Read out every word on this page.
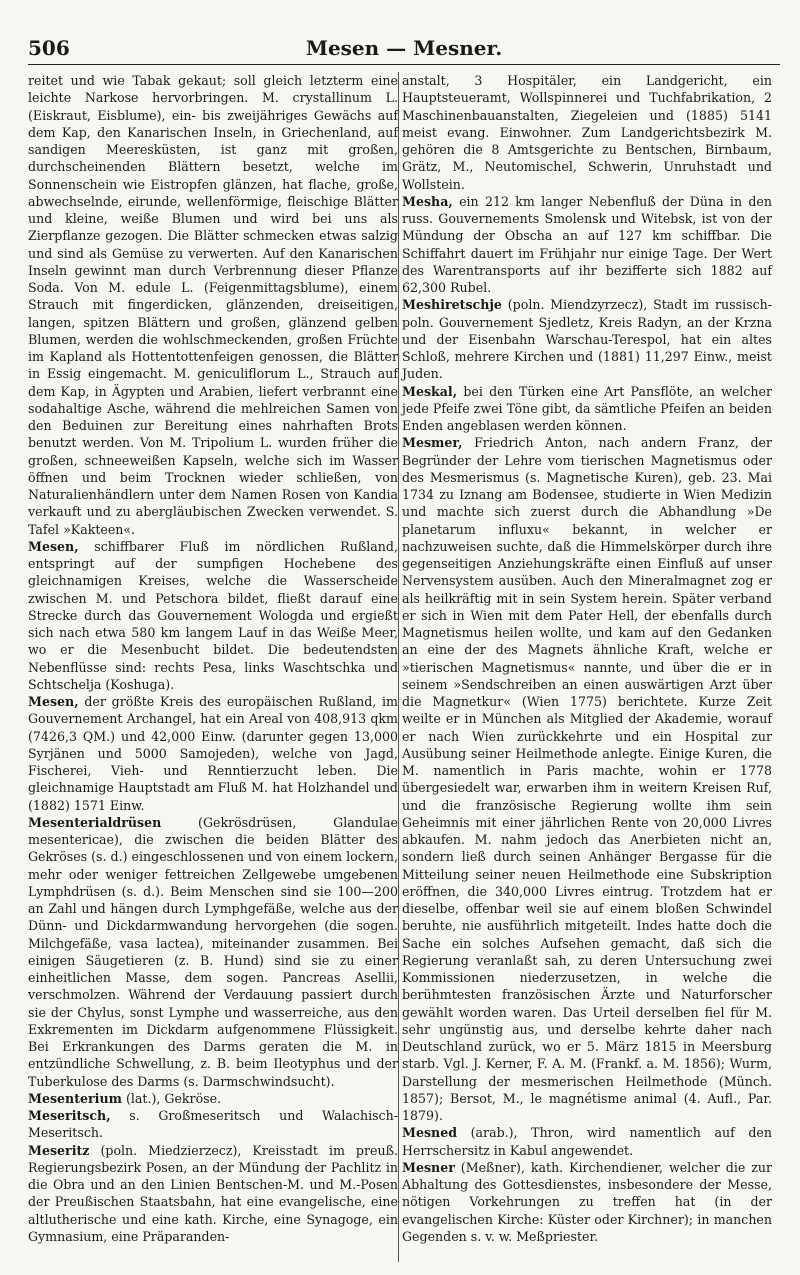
506	Mesen — Mesner.

reitet und wie Tabak gekaut; soll gleich letzterm eine leichte Narkose hervorbringen. M. crystallinum L. (Eiskraut, Eisblume), ein- bis zweijähriges Gewächs auf dem Kap, den Kanarischen Inseln, in Griechenland, auf sandigen Meeresküsten, ist ganz mit großen, durchscheinenden Blättern besetzt, welche im Sonnenschein wie Eistropfen glänzen, hat flache, große, abwechselnde, eirunde, wellenförmige, fleischige Blätter und kleine, weiße Blumen und wird bei uns als Zierpflanze gezogen. Die Blätter schmecken etwas salzig und sind als Gemüse zu verwerten. Auf den Kanarischen Inseln gewinnt man durch Verbrennung dieser Pflanze Soda. Von M. edule L. (Feigenmittagsblume), einem Strauch mit fingerdicken, glänzenden, dreiseitigen, langen, spitzen Blättern und großen, glänzend gelben Blumen, werden die wohlschmeckenden, großen Früchte im Kapland als Hottentottenfeigen genossen, die Blätter in Essig eingemacht. M. geniculiflorum L., Strauch auf dem Kap, in Ägypten und Arabien, liefert verbrannt eine sodahaltige Asche, während die mehlreichen Samen von den Beduinen zur Bereitung eines nahrhaften Brots benutzt werden. Von M. Tripolium L. wurden früher die großen, schneeweißen Kapseln, welche sich im Wasser öffnen und beim Trocknen wieder schließen, von Naturalienhändlern unter dem Namen Rosen von Kandia verkauft und zu abergläubischen Zwecken verwendet. S. Tafel »Kakteen«.

Mesen, schiffbarer Fluß im nördlichen Rußland, entspringt auf der sumpfigen Hochebene des gleichnamigen Kreises, welche die Wasserscheide zwischen M. und Petschora bildet, fließt darauf eine Strecke durch das Gouvernement Wologda und ergießt sich nach etwa 580 km langem Lauf in das Weiße Meer, wo er die Mesenbucht bildet. Die bedeutendsten Nebenflüsse sind: rechts Pesa, links Waschtschka und Schtschelja (Koshuga).

Mesen, der größte Kreis des europäischen Rußland, im Gouvernement Archangel, hat ein Areal von 408,913 qkm (7426,3 QM.) und 42,000 Einw. (darunter gegen 13,000 Syrjänen und 5000 Samojeden), welche von Jagd, Fischerei, Vieh- und Renntierzucht leben. Die gleichnamige Hauptstadt am Fluß M. hat Holzhandel und (1882) 1571 Einw.

Mesenterialdrüsen	(Gekrösdrüsen, Glandulae mesentericae), die zwischen die beiden Blätter des Gekröses (s. d.) eingeschlossenen und von einem lockern, mehr oder weniger fettreichen Zellgewebe umgebenen Lymphdrüsen (s. d.). Beim Menschen sind sie 100—200 an Zahl und hängen durch Lymphgefäße, welche aus der Dünn- und Dickdarmwandung hervorgehen (die sogen. Milchgefäße, vasa lactea), miteinander zusammen. Bei einigen Säugetieren (z. B. Hund) sind sie zu einer einheitlichen Masse, dem sogen. Pancreas Asellii, verschmolzen. Während der Verdauung passiert durch sie der Chylus, sonst Lymphe und wasserreiche, aus den Exkrementen im Dickdarm aufgenommene Flüssigkeit. Bei Erkrankungen des Darms geraten die M. in entzündliche Schwellung, z. B. beim Ileotyphus und der Tuberkulose des Darms (s. Darmschwindsucht).

Mesenterium (lat.), Gekröse.

Meseritsch, s. Großmeseritsch und Walachisch-Meseritsch.

Meseritz (poln. Miedzierzecz), Kreisstadt im preuß. Regierungsbezirk Posen, an der Mündung der Pachlitz in die Obra und an den Linien Bentschen-M. und M.-Posen der Preußischen Staatsbahn, hat eine evangelische, eine altlutherische und eine kath. Kirche, eine Synagoge, ein Gymnasium, eine Präparanden-

anstalt, 3 Hospitäler, ein Landgericht, ein Hauptsteueramt, Wollspinnerei und Tuchfabrikation, 2 Maschinenbauanstalten, Ziegeleien und (1885) 5141 meist evang. Einwohner. Zum Landgerichtsbezirk M. gehören die 8 Amtsgerichte zu Bentschen, Birnbaum, Grätz, M., Neutomischel, Schwerin, Unruhstadt und Wollstein.

Mesha, ein 212 km langer Nebenfluß der Düna in den russ. Gouvernements Smolensk und Witebsk, ist von der Mündung der Obscha an auf 127 km schiffbar. Die Schiffahrt dauert im Frühjahr nur einige Tage. Der Wert des Warentransports auf ihr bezifferte sich 1882 auf 62,300 Rubel.

Meshiretschje (poln. Miendzyrzecz), Stadt im russisch-poln. Gouvernement Sjedletz, Kreis Radyn, an der Krzna und der Eisenbahn Warschau-Terespol, hat ein altes Schloß, mehrere Kirchen und (1881) 11,297 Einw., meist Juden.

Meskal, bei den Türken eine Art Pansflöte, an welcher jede Pfeife zwei Töne gibt, da sämtliche Pfeifen an beiden Enden angeblasen werden können.

Mesmer, Friedrich Anton, nach andern Franz, der Begründer der Lehre vom tierischen Magnetismus oder des Mesmerismus (s. Magnetische Kuren), geb. 23. Mai 1734 zu Iznang am Bodensee, studierte in Wien Medizin und machte sich zuerst durch die Abhandlung »De planetarum influxu« bekannt, in welcher er nachzuweisen suchte, daß die Himmelskörper durch ihre gegenseitigen Anziehungskräfte einen Einfluß auf unser Nervensystem ausüben. Auch den Mineralmagnet zog er als heilkräftig mit in sein System herein. Später verband er sich in Wien mit dem Pater Hell, der ebenfalls durch Magnetismus heilen wollte, und kam auf den Gedanken an eine der des Magnets ähnliche Kraft, welche er »tierischen Magnetismus« nannte, und über die er in seinem »Sendschreiben an einen auswärtigen Arzt über die Magnetkur« (Wien 1775) berichtete. Kurze Zeit weilte er in München als Mitglied der Akademie, worauf er nach Wien zurückkehrte und ein Hospital zur Ausübung seiner Heilmethode anlegte. Einige Kuren, die M. namentlich in Paris machte, wohin er 1778 übergesiedelt war, erwarben ihm in weitern Kreisen Ruf, und die französische Regierung wollte ihm sein Geheimnis mit einer jährlichen Rente von 20,000 Livres abkaufen. M. nahm jedoch das Anerbieten nicht an, sondern ließ durch seinen Anhänger Bergasse für die Mitteilung seiner neuen Heilmethode eine Subskription eröffnen, die 340,000 Livres eintrug. Trotzdem hat er dieselbe, offenbar weil sie auf einem bloßen Schwindel beruhte, nie ausführlich mitgeteilt. Indes hatte doch die Sache ein solches Aufsehen gemacht, daß sich die Regierung veranlaßt sah, zu deren Untersuchung zwei Kommissionen niederzusetzen, in welche die berühmtesten französischen Ärzte und Naturforscher gewählt worden waren. Das Urteil derselben fiel für M. sehr ungünstig aus, und derselbe kehrte daher nach Deutschland zurück, wo er 5. März 1815 in Meersburg starb. Vgl. J. Kerner, F. A. M. (Frankf. a. M. 1856); Wurm, Darstellung der mesmerischen Heilmethode (Münch. 1857); Bersot, M., le magnétisme animal (4. Aufl., Par. 1879).

Mesned (arab.), Thron, wird namentlich auf den Herrschersitz in Kabul angewendet.

Mesner (Meßner), kath. Kirchendiener, welcher die zur Abhaltung des Gottesdienstes, insbesondere der Messe, nötigen Vorkehrungen zu treffen hat (in der evangelischen Kirche: Küster oder Kirchner); in manchen Gegenden s. v. w. Meßpriester.
